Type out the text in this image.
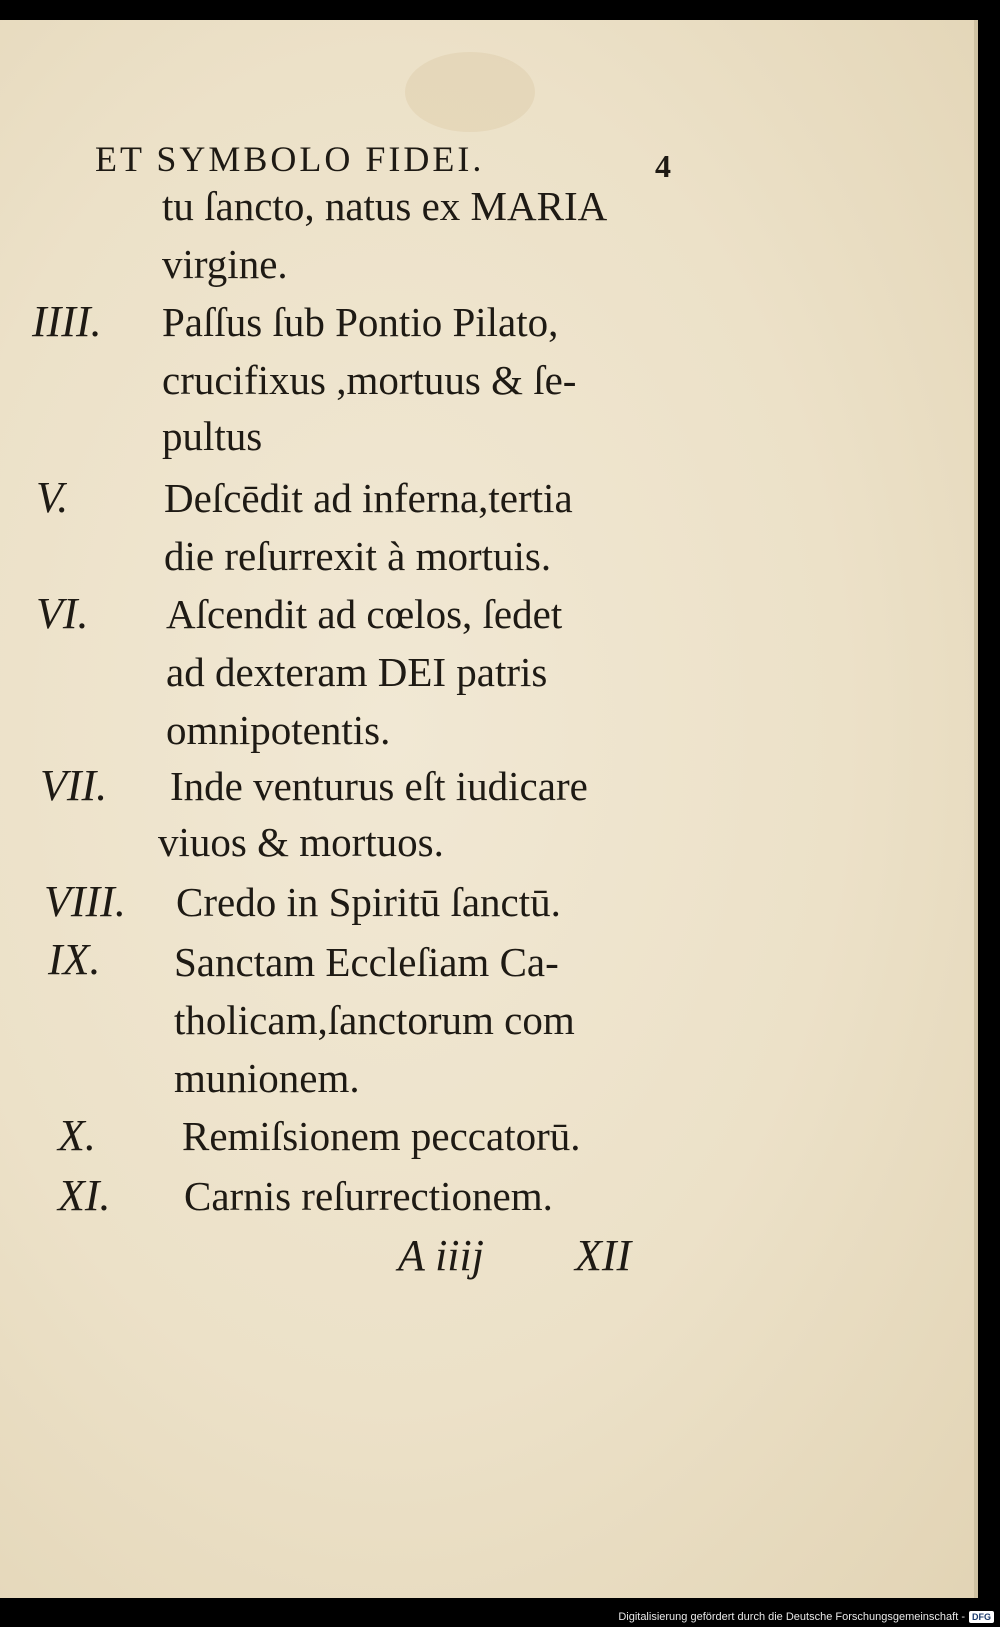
ET SYMBOLO FIDEI.	4
tu ſancto, natus ex MARIA
virgine.
IIII. Paſſus ſub Pontio Pilato,
crucifixus ,mortuus & ſe-
pultus
V. Deſcēdit ad inferna,tertia
die reſurrexit à mortuis.
VI. Aſcendit ad cœlos, ſedet
ad dexteram DEI patris
omnipotentis.
VII. Inde venturus eſt iudicare
viuos & mortuos.
VIII. Credo in Spiritū ſanctū.
IX. Sanctam Eccleſiam Ca-
tholicam,ſanctorum com
munionem.
X. Remiſsionem peccatorū.
XI. Carnis reſurrectionem.
A iiij XII
Digitalisierung gefördert durch die Deutsche Forschungsgemeinschaft - DFG
